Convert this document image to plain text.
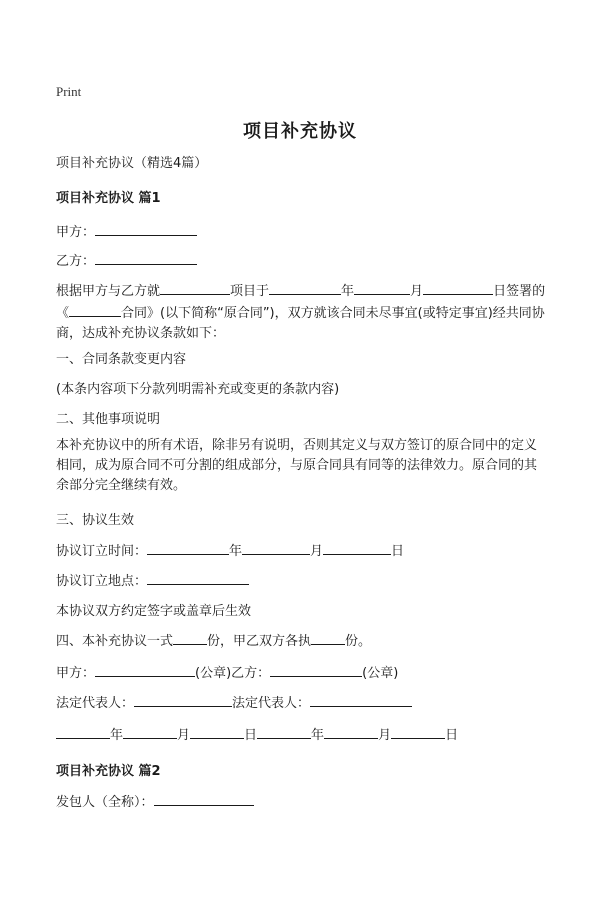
Print
项目补充协议
项目补充协议（精选4篇）
项目补充协议 篇1
甲方：
乙方：
根据甲方与乙方就	项目于	年	月	日签署的《	合同》(以下简称“原合同”)，双方就该合同未尽事宜(或特定事宜)经共同协商，达成补充协议条款如下：
一、合同条款变更内容
(本条内容项下分款列明需补充或变更的条款内容)
二、其他事项说明
本补充协议中的所有术语，除非另有说明，否则其定义与双方签订的原合同中的定义相同，成为原合同不可分割的组成部分，与原合同具有同等的法律效力。原合同的其余部分完全继续有效。
三、协议生效
协议订立时间：	年	月	日
协议订立地点：
本协议双方约定签字或盖章后生效
四、本补充协议一式	份，甲乙双方各执	份。
甲方：	(公章)乙方：	(公章)
法定代表人：	法定代表人：
年	月	日	年	月	日
项目补充协议 篇2
发包人（全称）：
